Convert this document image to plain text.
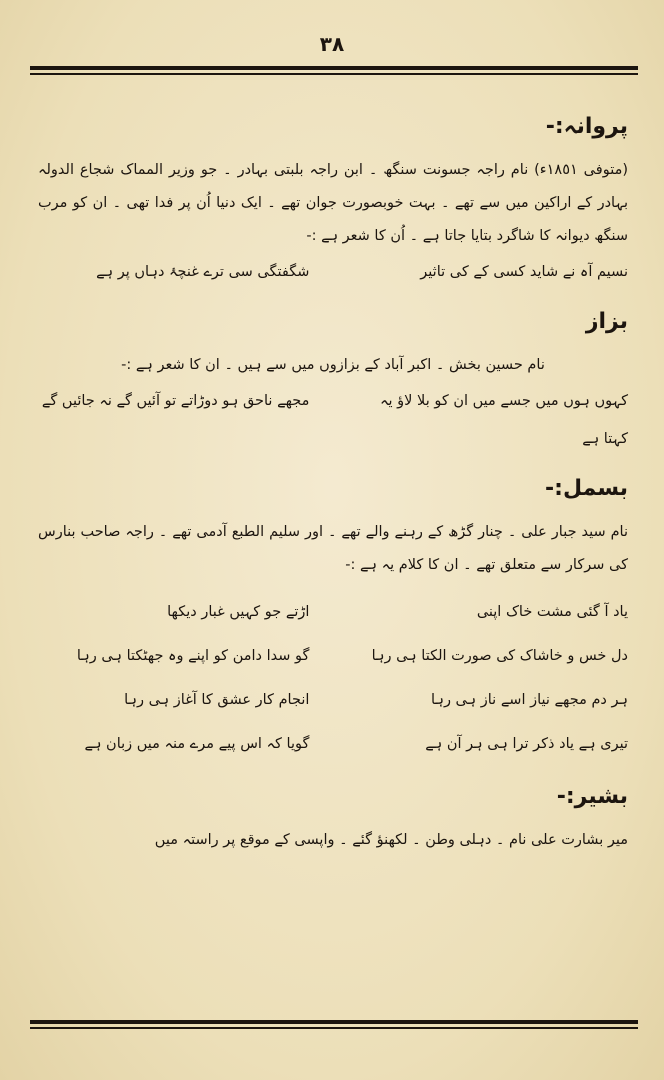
٣٨
پروانہ:-
(متوفی ١٨٥١ء) نام راجہ جسونت سنگھ ۔ ابن راجہ بلبتی بہادر ۔ جو وزیر المماک شجاع الدولہ بہادر کے اراکین میں سے تھے ۔ بہت خوبصورت جوان تھے ۔ ایک دنیا اُن پر فدا تھی ۔ ان کو مرب سنگھ دیوانہ کا شاگرد بتایا جاتا ہے ۔ اُن کا شعر ہے :-
نسیم آہ نے شاید کسی کے کی تاثیر
شگفتگی سی ترے غنچۂ دہاں پر ہے
بزاز
نام حسین بخش ۔ اکبر آباد کے بزازوں میں سے ہیں ۔ ان کا شعر ہے :-
کہوں ہوں میں جسے میں ان کو بلا لاؤ یہ کہتا ہے
مجھے ناحق ہو دوڑاتے تو آئیں گے نہ جائیں گے
بسمل:-
نام سید جبار علی ۔ چنار گڑھ کے رہنے والے تھے ۔ اور سلیم الطبع آدمی تھے ۔ راجہ صاحب بنارس کی سرکار سے متعلق تھے ۔ ان کا کلام یہ ہے :-
یاد آ گئی مشت خاک اپنی
اڑتے جو کہیں غبار دیکھا
دل خس و خاشاک کی صورت الکتا ہی رہا
گو سدا دامن کو اپنے وہ جھٹکتا ہی رہا
ہر دم مجھے نیاز اسے ناز ہی رہا
انجام کار عشق کا آغاز ہی رہا
تیری ہے یاد ذکر ترا ہی ہر آن ہے
گویا کہ اس پیے مرے منہ میں زبان ہے
بشیر:-
میر بشارت علی نام ۔ دہلی وطن ۔ لکھنؤ گئے ۔ واپسی کے موقع پر راستہ میں
